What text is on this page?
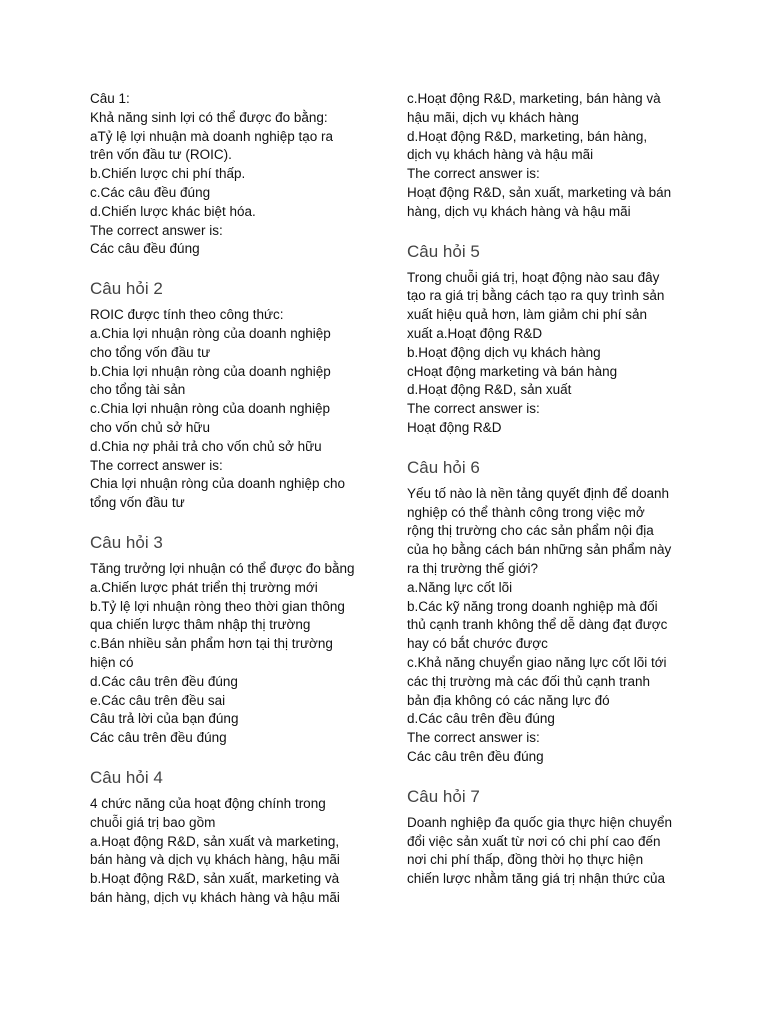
Câu 1:
Khả năng sinh lợi có thể được đo bằng:
aTỷ lệ lợi nhuận mà doanh nghiệp tạo ra
trên vốn đầu tư (ROIC).
b.Chiến lược chi phí thấp.
c.Các câu đều đúng
d.Chiến lược khác biệt hóa.
The correct answer is:
Các câu đều đúng
Câu hỏi 2
ROIC được tính theo công thức:
a.Chia lợi nhuận ròng của doanh nghiệp
cho tổng vốn đầu tư
b.Chia lợi nhuận ròng của doanh nghiệp
cho tổng tài sản
c.Chia lợi nhuận ròng của doanh nghiệp
cho vốn chủ sở hữu
d.Chia nợ phải trả cho vốn chủ sở hữu
The correct answer is:
Chia lợi nhuận ròng của doanh nghiệp cho
tổng vốn đầu tư
Câu hỏi 3
Tăng trưởng lợi nhuận có thể được đo bằng
a.Chiến lược phát triển thị trường mới
b.Tỷ lệ lợi nhuận ròng theo thời gian thông
qua chiến lược thâm nhập thị trường
c.Bán nhiều sản phẩm hơn tại thị trường
hiện có
d.Các câu trên đều đúng
e.Các câu trên đều sai
Câu trả lời của bạn đúng
Các câu trên đều đúng
Câu hỏi 4
4 chức năng của hoạt động chính trong
chuỗi giá trị bao gồm
a.Hoạt động R&D, sản xuất và marketing,
bán hàng và dịch vụ khách hàng, hậu mãi
b.Hoạt động R&D, sản xuất, marketing và
bán hàng, dịch vụ khách hàng và hậu mãi
c.Hoạt động R&D, marketing, bán hàng và
hậu mãi, dịch vụ khách hàng
d.Hoạt động R&D, marketing, bán hàng,
dịch vụ khách hàng và hậu mãi
The correct answer is:
Hoạt động R&D, sản xuất, marketing và bán
hàng, dịch vụ khách hàng và hậu mãi
Câu hỏi 5
Trong chuỗi giá trị, hoạt động nào sau đây
tạo ra giá trị bằng cách tạo ra quy trình sản
xuất hiệu quả hơn, làm giảm chi phí sản
xuất a.Hoạt động R&D
b.Hoạt động dịch vụ khách hàng
cHoạt động marketing và bán hàng
d.Hoạt động R&D, sản xuất
The correct answer is:
Hoạt động R&D
Câu hỏi 6
Yếu tố nào là nền tảng quyết định để doanh
nghiệp có thể thành công trong việc mở
rộng thị trường cho các sản phẩm nội địa
của họ bằng cách bán những sản phẩm này
ra thị trường thế giới?
a.Năng lực cốt lõi
b.Các kỹ năng trong doanh nghiệp mà đối
thủ cạnh tranh không thể dễ dàng đạt được
hay có bắt chước được
c.Khả năng chuyển giao năng lực cốt lõi tới
các thị trường mà các đối thủ cạnh tranh
bản địa không có các năng lực đó
d.Các câu trên đều đúng
The correct answer is:
Các câu trên đều đúng
Câu hỏi 7
Doanh nghiệp đa quốc gia thực hiện chuyển
đổi việc sản xuất từ nơi có chi phí cao đến
nơi chi phí thấp, đồng thời họ thực hiện
chiến lược nhằm tăng giá trị nhận thức của
